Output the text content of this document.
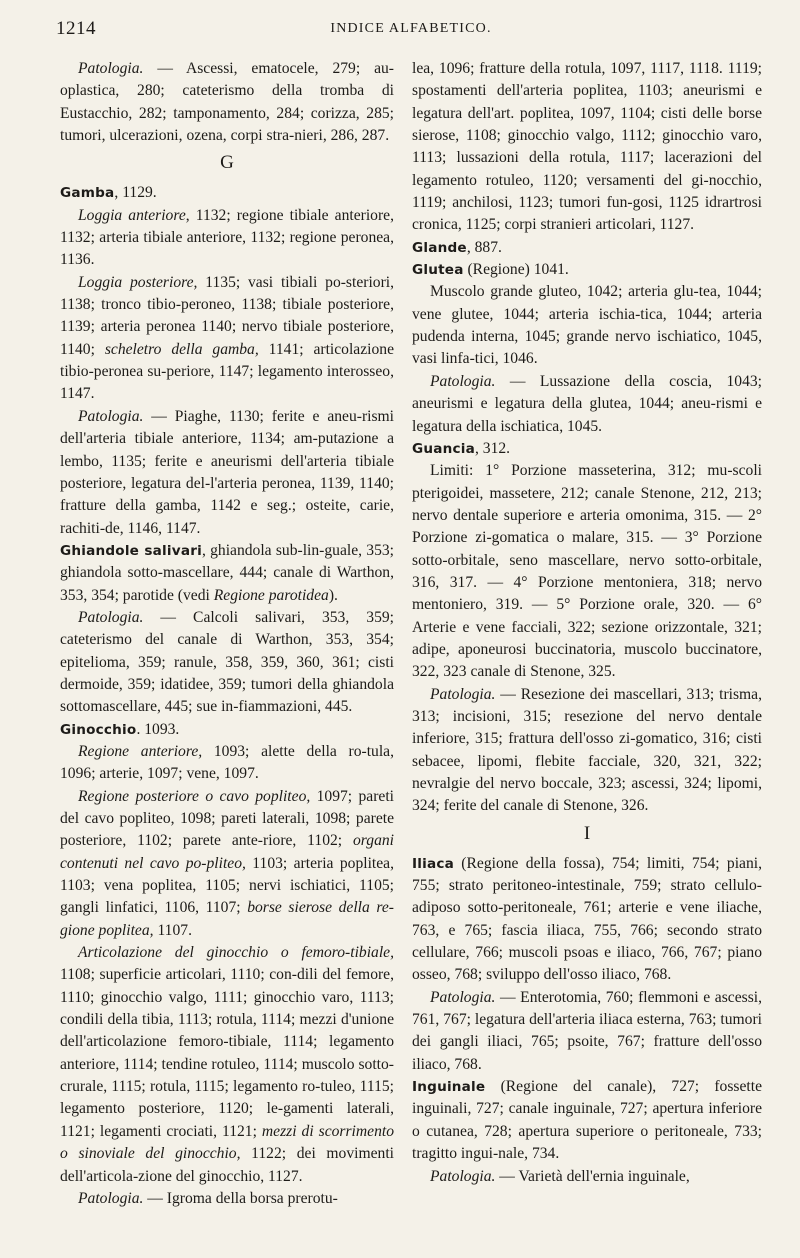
1214	INDICE ALFABETICO.

Patologia. — Ascessi, ematocele, 279; au-oplastica, 280; cateterismo della tromba di Eustacchio, 282; tamponamento, 284; corizza, 285; tumori, ulcerazioni, ozena, corpi stra-nieri, 286, 287.

G

Gamba, 1129.

Loggia anteriore, 1132; regione tibiale anteriore, 1132; arteria tibiale anteriore, 1132; regione peronea, 1136.

Loggia posteriore, 1135; vasi tibiali po-steriori, 1138; tronco tibio-peroneo, 1138; tibiale posteriore, 1139; arteria peronea 1140; nervo tibiale posteriore, 1140; scheletro della gamba, 1141; articolazione tibio-peronea su-periore, 1147; legamento interosseo, 1147.

Patologia. — Piaghe, 1130; ferite e aneu-rismi dell'arteria tibiale anteriore, 1134; am-putazione a lembo, 1135; ferite e aneurismi dell'arteria tibiale posteriore, legatura del-l'arteria peronea, 1139, 1140; fratture della gamba, 1142 e seg.; osteite, carie, rachiti-de, 1146, 1147.

Ghiandole salivari, ghiandola sub-lin-guale, 353; ghiandola sotto-mascellare, 444; canale di Warthon, 353, 354; parotide (vedi Regione parotidea).

Patologia. — Calcoli salivari, 353, 359; cateterismo del canale di Warthon, 353, 354; epitelioma, 359; ranule, 358, 359, 360, 361; cisti dermoide, 359; idatidee, 359; tumori della ghiandola sottomascellare, 445; sue in-fiammazioni, 445.

Ginocchio. 1093.

Regione anteriore, 1093; alette della ro-tula, 1096; arterie, 1097; vene, 1097.

Regione posteriore o cavo popliteo, 1097; pareti del cavo popliteo, 1098; pareti laterali, 1098; parete posteriore, 1102; parete ante-riore, 1102; organi contenuti nel cavo po-pliteo, 1103; arteria poplitea, 1103; vena poplitea, 1105; nervi ischiatici, 1105; gangli linfatici, 1106, 1107; borse sierose della re-gione poplitea, 1107.

Articolazione del ginocchio o femoro-tibiale, 1108; superficie articolari, 1110; con-dili del femore, 1110; ginocchio valgo, 1111; ginocchio varo, 1113; condili della tibia, 1113; rotula, 1114; mezzi d'unione dell'articolazione femoro-tibiale, 1114; legamento anteriore, 1114; tendine rotuleo, 1114; muscolo sotto-crurale, 1115; rotula, 1115; legamento ro-tuleo, 1115; legamento posteriore, 1120; le-gamenti laterali, 1121; legamenti crociati, 1121; mezzi di scorrimento o sinoviale del ginocchio, 1122; dei movimenti dell'articola-zione del ginocchio, 1127.

Patologia. — Igroma della borsa prerotu-

lea, 1096; fratture della rotula, 1097, 1117, 1118. 1119; spostamenti dell'arteria poplitea, 1103; aneurismi e legatura dell'art. poplitea, 1097, 1104; cisti delle borse sierose, 1108; ginocchio valgo, 1112; ginocchio varo, 1113; lussazioni della rotula, 1117; lacerazioni del legamento rotuleo, 1120; versamenti del gi-nocchio, 1119; anchilosi, 1123; tumori fun-gosi, 1125 idrartrosi cronica, 1125; corpi stranieri articolari, 1127.

Glande, 887.

Glutea (Regione) 1041.

Muscolo grande gluteo, 1042; arteria glu-tea, 1044; vene glutee, 1044; arteria ischia-tica, 1044; arteria pudenda interna, 1045; grande nervo ischiatico, 1045, vasi linfa-tici, 1046.

Patologia. — Lussazione della coscia, 1043; aneurismi e legatura della glutea, 1044; aneu-rismi e legatura della ischiatica, 1045.

Guancia, 312.

Limiti: 1° Porzione masseterina, 312; mu-scoli pterigoidei, massetere, 212; canale Stenone, 212, 213; nervo dentale superiore e arteria omonima, 315. — 2° Porzione zi-gomatica o malare, 315. — 3° Porzione sotto-orbitale, seno mascellare, nervo sotto-orbitale, 316, 317. — 4° Porzione mentoniera, 318; nervo mentoniero, 319. — 5° Porzione orale, 320. — 6° Arterie e vene facciali, 322; sezione orizzontale, 321; adipe, aponeurosi buccinatoria, muscolo buccinatore, 322, 323 canale di Stenone, 325.

Patologia. — Resezione dei mascellari, 313; trisma, 313; incisioni, 315; resezione del nervo dentale inferiore, 315; frattura dell'osso zi-gomatico, 316; cisti sebacee, lipomi, flebite facciale, 320, 321, 322; nevralgie del nervo boccale, 323; ascessi, 324; lipomi, 324; ferite del canale di Stenone, 326.

I

Iliaca (Regione della fossa), 754; limiti, 754; piani, 755; strato peritoneo-intestinale, 759; strato cellulo-adiposo sotto-peritoneale, 761; arterie e vene iliache, 763, e 765; fascia iliaca, 755, 766; secondo strato cellulare, 766; muscoli psoas e iliaco, 766, 767; piano osseo, 768; sviluppo dell'osso iliaco, 768.

Patologia. — Enterotomia, 760; flemmoni e ascessi, 761, 767; legatura dell'arteria iliaca esterna, 763; tumori dei gangli iliaci, 765; psoite, 767; fratture dell'osso iliaco, 768.

Inguinale (Regione del canale), 727; fossette inguinali, 727; canale inguinale, 727; apertura inferiore o cutanea, 728; apertura superiore o peritoneale, 733; tragitto ingui-nale, 734.

Patologia. — Varietà dell'ernia inguinale,
